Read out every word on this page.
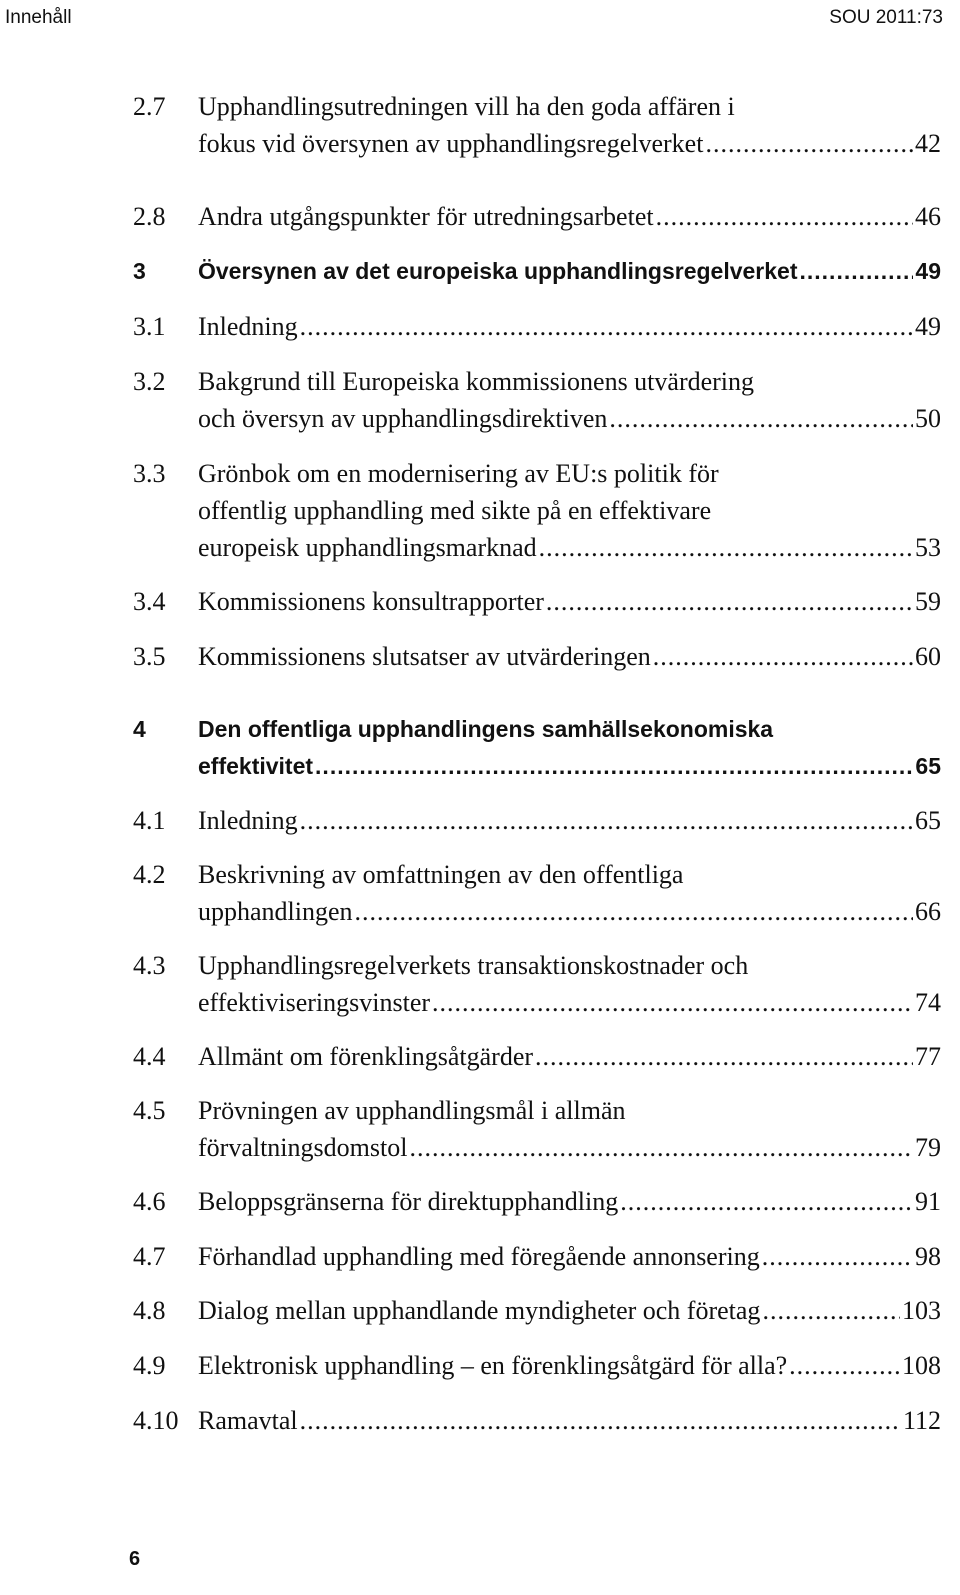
Innehåll	SOU 2011:73
2.7 Upphandlingsutredningen vill ha den goda affären i
fokus vid översynen av upphandlingsregelverket .....	42
2.8 Andra utgångspunkter för utredningsarbetet .....	46
3 Översynen av det europeiska upphandlingsregelverket .....	49
3.1 Inledning .....	49
3.2 Bakgrund till Europeiska kommissionens utvärdering
och översyn av upphandlingsdirektiven .....	50
3.3 Grönbok om en modernisering av EU:s politik för
offentlig upphandling med sikte på en effektivare
europeisk upphandlingsmarknad .....	53
3.4 Kommissionens konsultrapporter .....	59
3.5 Kommissionens slutsatser av utvärderingen .....	60
4 Den offentliga upphandlingens samhällsekonomiska
effektivitet .....	65
4.1 Inledning .....	65
4.2 Beskrivning av omfattningen av den offentliga
upphandlingen .....	66
4.3 Upphandlingsregelverkets transaktionskostnader och
effektiviseringsvinster .....	74
4.4 Allmänt om förenklingsåtgärder .....	77
4.5 Prövningen av upphandlingsmål i allmän
förvaltningsdomstol .....	79
4.6 Beloppsgränserna för direktupphandling .....	91
4.7 Förhandlad upphandling med föregående annonsering .....	98
4.8 Dialog mellan upphandlande myndigheter och företag .....	103
4.9 Elektronisk upphandling – en förenklingsåtgärd för alla? .....	108
4.10 Ramavtal .....	112
6
